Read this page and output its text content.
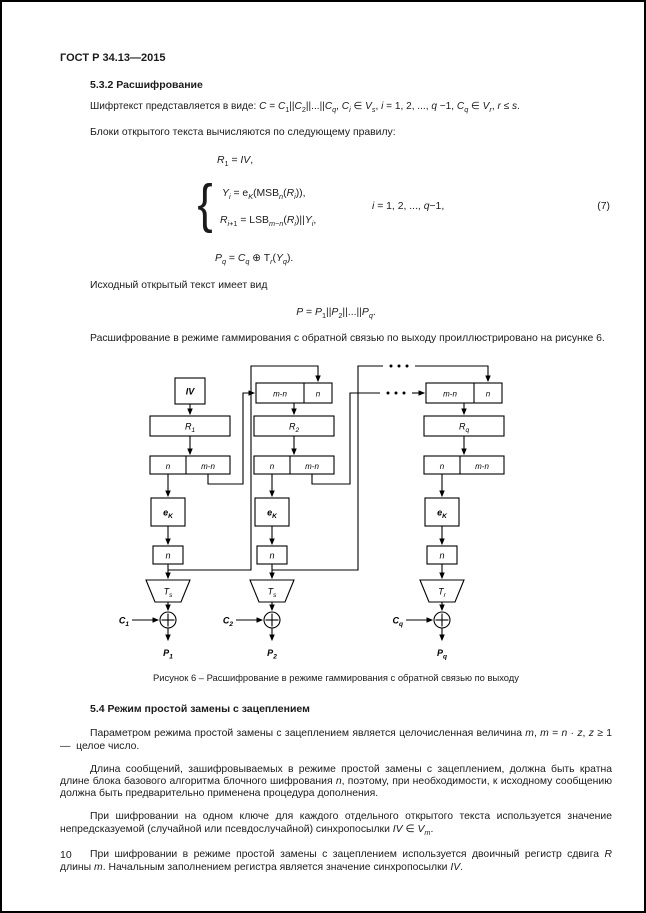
ГОСТ Р 34.13—2015
5.3.2 Расшифрование

Шифртекст представляется в виде: $C = C_1||C_2||...||C_q$, $C_i$ ∈ $V_s$, i = 1, 2, ..., q −1, $C_q$ ∈ $V_r$, r ≤ s.

Блоки открытого текста вычисляются по следующему правилу:

$R_1$ = IV,
{ $Y_i = e_K(MSB_n(R_i))$,
$R_{i+1} = LSB_{m-n}(R_i)||Y_i$,
i = 1, 2, ..., q−1,	(7)
$P_q = C_q$ ⊕ $T_r(Y_q)$.

Исходный открытый текст имеет вид

$P = P_1||P_2||...||P_q$.

Расшифрование в режиме гаммирования с обратной связью по выходу проиллюстрировано на рисунке 6.

IV
$R_1$
n	m-n
$e_K$
n
$T_s$
$C_1$
$P_1$
m-n	n
$R_2$
n	m-n
$e_K$
n
$T_s$
$C_2$
$P_2$
m-n	n
$R_q$
n	m-n
$e_K$
n
$T_r$
$C_q$
$P_q$
Рисунок 6 – Расшифрование в режиме гаммирования с обратной связью по выходу
5.4 Режим простой замены с зацеплением

Параметром режима простой замены с зацеплением является целочисленная величина m, m = n · z, z ≥ 1 —  целое число.

Длина сообщений, зашифровываемых в режиме простой замены с зацеплением, должна быть кратна длине блока базового алгоритма блочного шифрования n, поэтому, при необходимости, к исходному сообщению должна быть предварительно применена процедура дополнения.

При шифровании на одном ключе для каждого отдельного открытого текста используется значение непредсказуемой (случайной или псевдослучайной) синхропосылки IV ∈ $V_m$.

При шифровании в режиме простой замены с зацеплением используется двоичный регистр сдвига R длины m. Начальным заполнением регистра является значение синхропосылки IV.

10
